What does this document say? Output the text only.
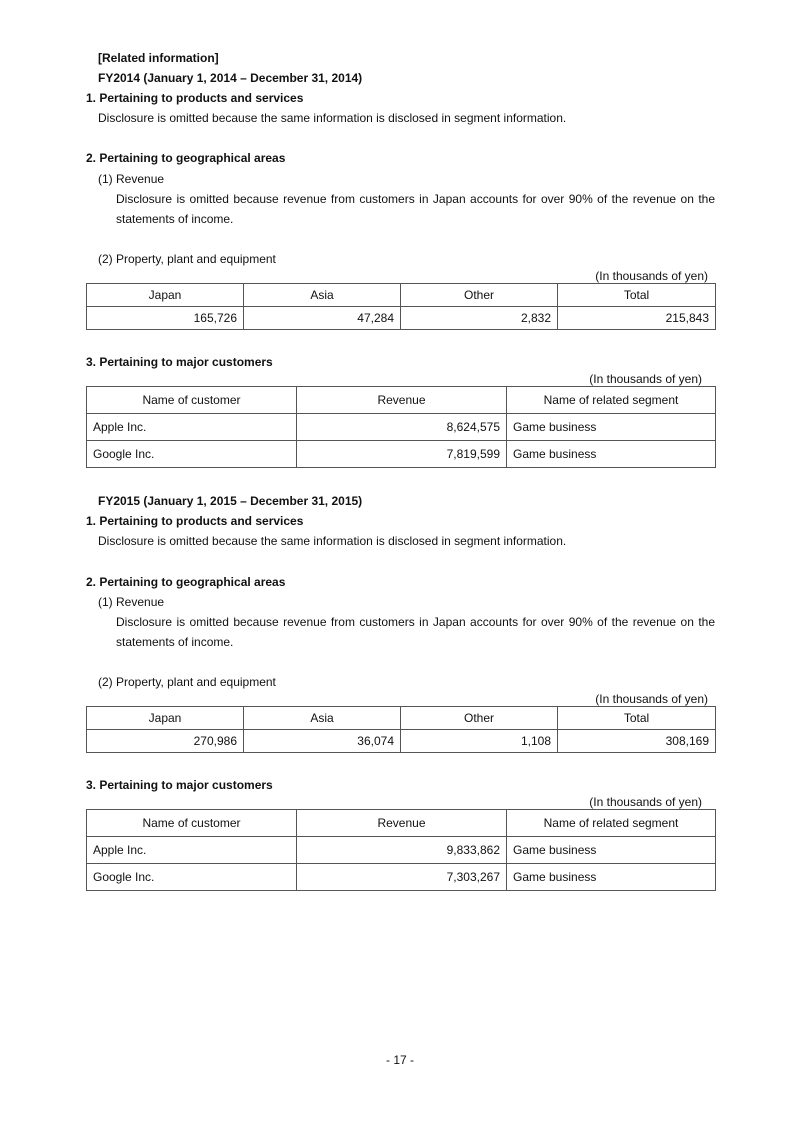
[Related information]
FY2014 (January 1, 2014 – December 31, 2014)
1. Pertaining to products and services
Disclosure is omitted because the same information is disclosed in segment information.
2. Pertaining to geographical areas
(1) Revenue
Disclosure is omitted because revenue from customers in Japan accounts for over 90% of the revenue on the statements of income.
(2) Property, plant and equipment
(In thousands of yen)
Japan	Asia	Other	Total
165,726	47,284	2,832	215,843
3. Pertaining to major customers
(In thousands of yen)
Name of customer	Revenue	Name of related segment
Apple Inc.	8,624,575	Game business
Google Inc.	7,819,599	Game business
FY2015 (January 1, 2015 – December 31, 2015)
1. Pertaining to products and services
Disclosure is omitted because the same information is disclosed in segment information.
2. Pertaining to geographical areas
(1) Revenue
Disclosure is omitted because revenue from customers in Japan accounts for over 90% of the revenue on the statements of income.
(2) Property, plant and equipment
(In thousands of yen)
Japan	Asia	Other	Total
270,986	36,074	1,108	308,169
3. Pertaining to major customers
(In thousands of yen)
Name of customer	Revenue	Name of related segment
Apple Inc.	9,833,862	Game business
Google Inc.	7,303,267	Game business
- 17 -
